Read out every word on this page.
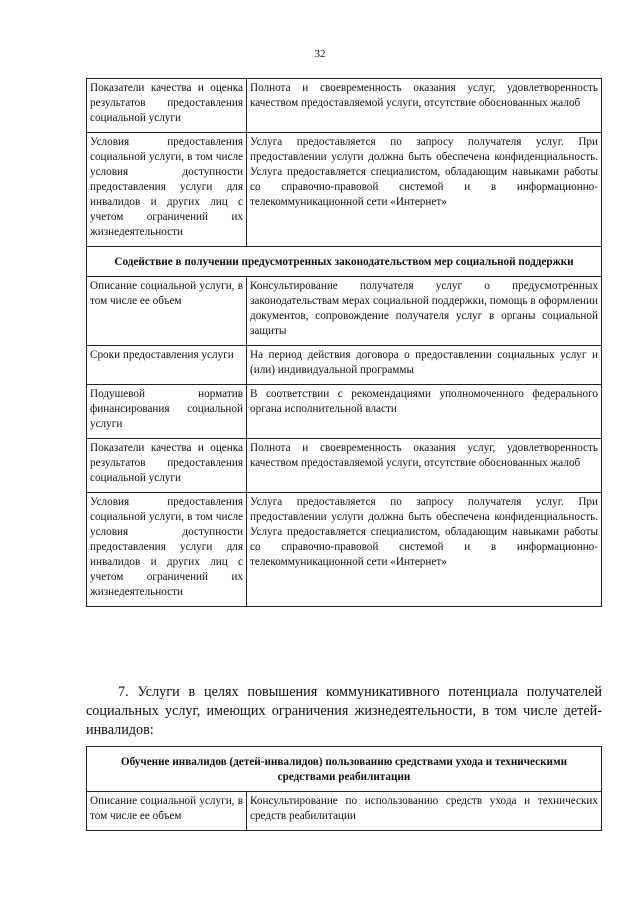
32
Показатели качества и оценка результатов предоставления социальной услуги	Полнота и своевременность оказания услуг, удовлетворенность качеством предоставляемой услуги, отсутствие обоснованных жалоб
Условия предоставления социальной услуги, в том числе условия доступности предоставления услуги для инвалидов и других лиц с учетом ограничений их жизнедеятельности	Услуга предоставляется по запросу получателя услуг. При предоставлении услуги должна быть обеспечена конфиденциальность. Услуга предоставляется специалистом, обладающим навыками работы со справочно-правовой системой и в информационно-телекоммуникационной сети «Интернет»
Содействие в получении предусмотренных законодательством мер социальной поддержки	
Описание социальной услуги, в том числе ее объем	Консультирование получателя услуг о предусмотренных законодательствам мерах социальной поддержки, помощь в оформлении документов, сопровождение получателя услуг в органы социальной защиты
Сроки предоставления услуги	На период действия договора о предоставлении социальных услуг и (или) индивидуальной программы
Подушевой норматив финансирования социальной услуги	В соответствии с рекомендациями уполномоченного федерального органа исполнительной власти
Показатели качества и оценка результатов предоставления социальной услуги	Полнота и своевременность оказания услуг, удовлетворенность качеством предоставляемой услуги, отсутствие обоснованных жалоб
Условия предоставления социальной услуги, в том числе условия доступности предоставления услуги для инвалидов и других лиц с учетом ограничений их жизнедеятельности	Услуга предоставляется по запросу получателя услуг. При предоставлении услуги должна быть обеспечена конфиденциальность. Услуга предоставляется специалистом, обладающим навыками работы со справочно-правовой системой и в информационно-телекоммуникационной сети «Интернет»
7. Услуги в целях повышения коммуникативного потенциала получателей социальных услуг, имеющих ограничения жизнедеятельности, в том числе детей-инвалидов:
Обучение инвалидов (детей-инвалидов) пользованию средствами ухода и техническими средствами реабилитации
Описание социальной услуги, в том числе ее объем	Консультирование по использованию средств ухода и технических средств реабилитации
